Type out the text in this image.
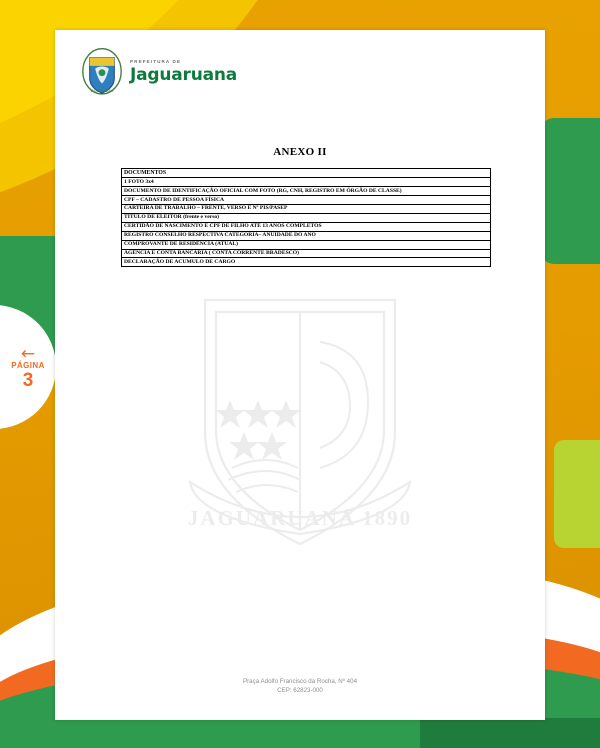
←
PÁGINA
3
JAGUARUANA
PREFEITURA DE
Jaguaruana
ANEXO II
DOCUMENTOS
1 FOTO 3x4
DOCUMENTO DE IDENTIFICAÇÃO OFICIAL COM FOTO (RG, CNH, REGISTRO EM ÓRGÃO DE CLASSE)
CPF – CADASTRO DE PESSOA FÍSICA
CARTEIRA DE TRABALHO – FRENTE, VERSO E Nº PIS/PASEP
TÍTULO DE ELEITOR (frente e verso)
CERTIDÃO DE NASCIMENTO E CPF DE FILHO ATÉ 13 ANOS COMPLETOS
REGISTRO CONSELHO RESPECTIVA CATEGORIA– ANUIDADE DO ANO
COMPROVANTE DE RESIDÊNCIA (ATUAL)
AGÊNCIA E CONTA BANCÁRIA ( CONTA CORRENTE BRADESCO)
DECLARAÇÃO DE ACUMULO DE CARGO
JAGUARUANA 1890
Praça Adolfo Francisco da Rocha, Nº 404
CEP: 62823-000
